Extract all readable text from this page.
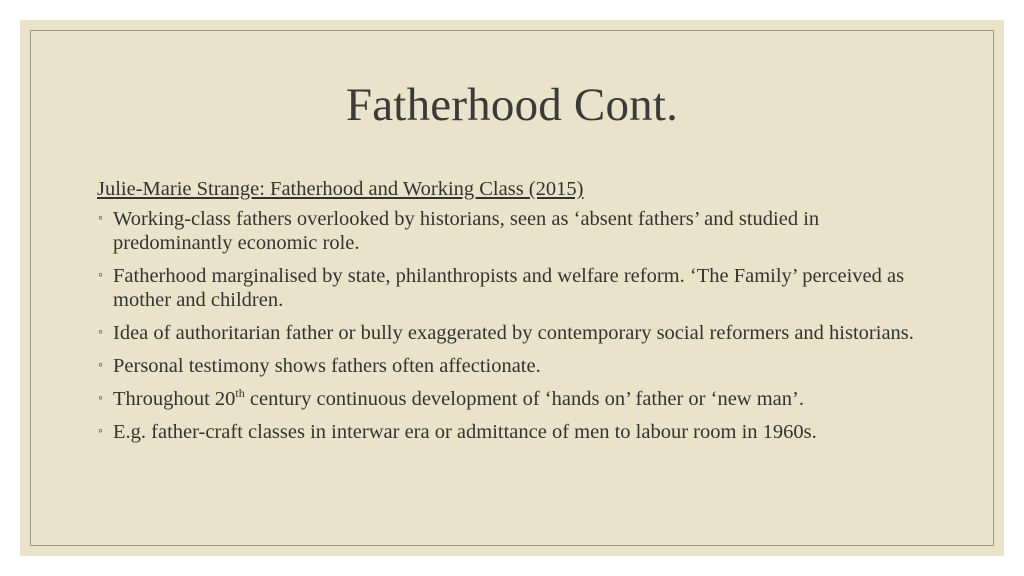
Fatherhood Cont.
Julie-Marie Strange: Fatherhood and Working Class (2015)
◦ Working-class fathers overlooked by historians, seen as ‘absent fathers’ and studied in predominantly economic role.
◦ Fatherhood marginalised by state, philanthropists and welfare reform. ‘The Family’ perceived as mother and children.
◦ Idea of authoritarian father or bully exaggerated by contemporary social reformers and historians.
◦ Personal testimony shows fathers often affectionate.
◦ Throughout 20th century continuous development of ‘hands on’ father or ‘new man’.
◦ E.g. father-craft classes in interwar era or admittance of men to labour room in 1960s.
